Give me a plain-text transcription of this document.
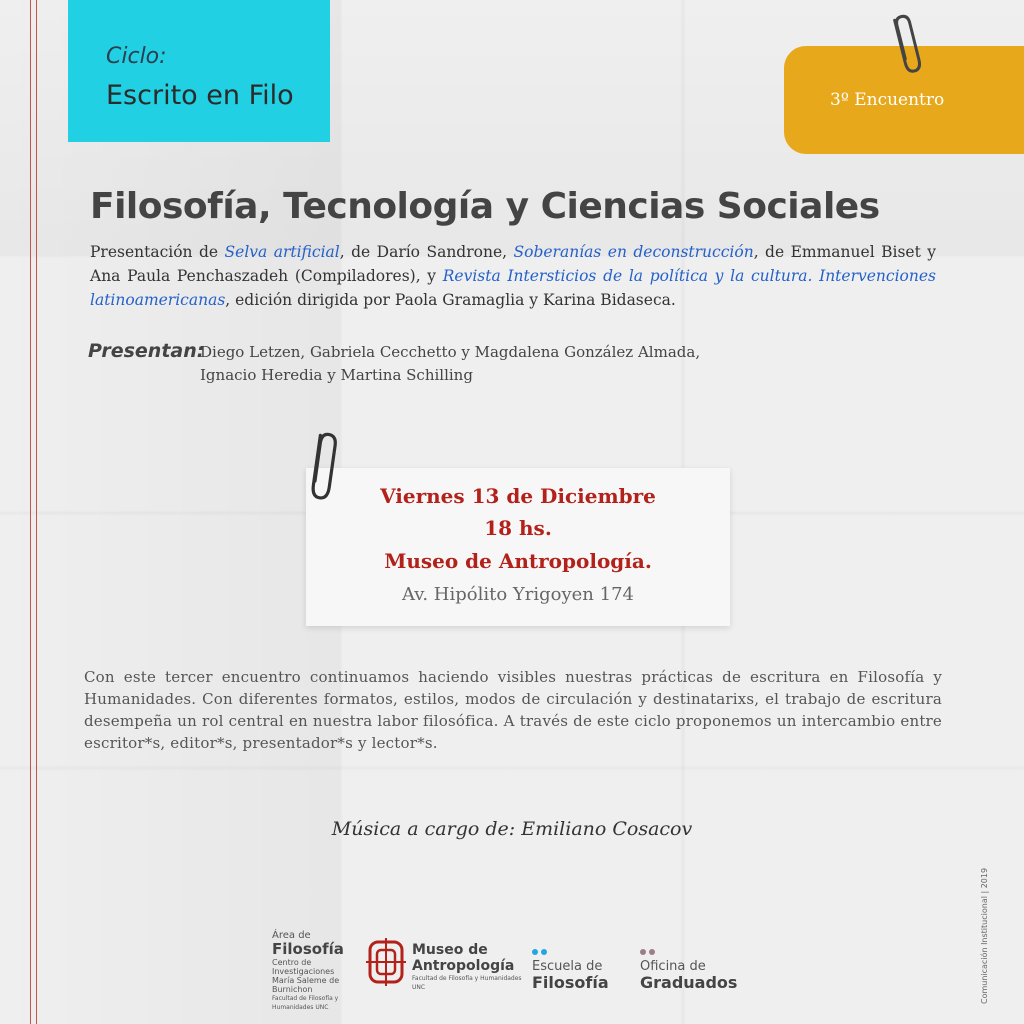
Ciclo:
Escrito en Filo	3º Encuentro
Filosofía, Tecnología y Ciencias Sociales
Presentación de Selva artificial, de Darío Sandrone, Soberanías en deconstrucción, de Emmanuel Biset y Ana Paula Penchaszadeh (Compiladores), y Revista Intersticios de la política y la cultura. Intervenciones latinoamericanas, edición dirigida por Paola Gramaglia y Karina Bidaseca.
Presentan:
Diego Letzen, Gabriela Cecchetto y Magdalena González Almada,
Ignacio Heredia y Martina Schilling
Viernes 13 de Diciembre
18 hs.
Museo de Antropología.
Av. Hipólito Yrigoyen 174
Con este tercer encuentro continuamos haciendo visibles nuestras prácticas de escritura en Filosofía y Humanidades. Con diferentes formatos, estilos, modos de circulación y destinatarixs, el trabajo de escritura desempeña un rol central en nuestra labor filosófica. A través de este ciclo proponemos un intercambio entre escritor*s, editor*s, presentador*s y lector*s.
Música a cargo de: Emiliano Cosacov
Área de
Filosofía
Centro de Investigaciones
María Saleme de Burnichon
Facultad de Filosofía y Humanidades UNC
Museo de
Antropología
Facultad de Filosofía y Humanidades UNC
Escuela de
Filosofía
Oficina de
Graduados	Comunicación Institucional | 2019
